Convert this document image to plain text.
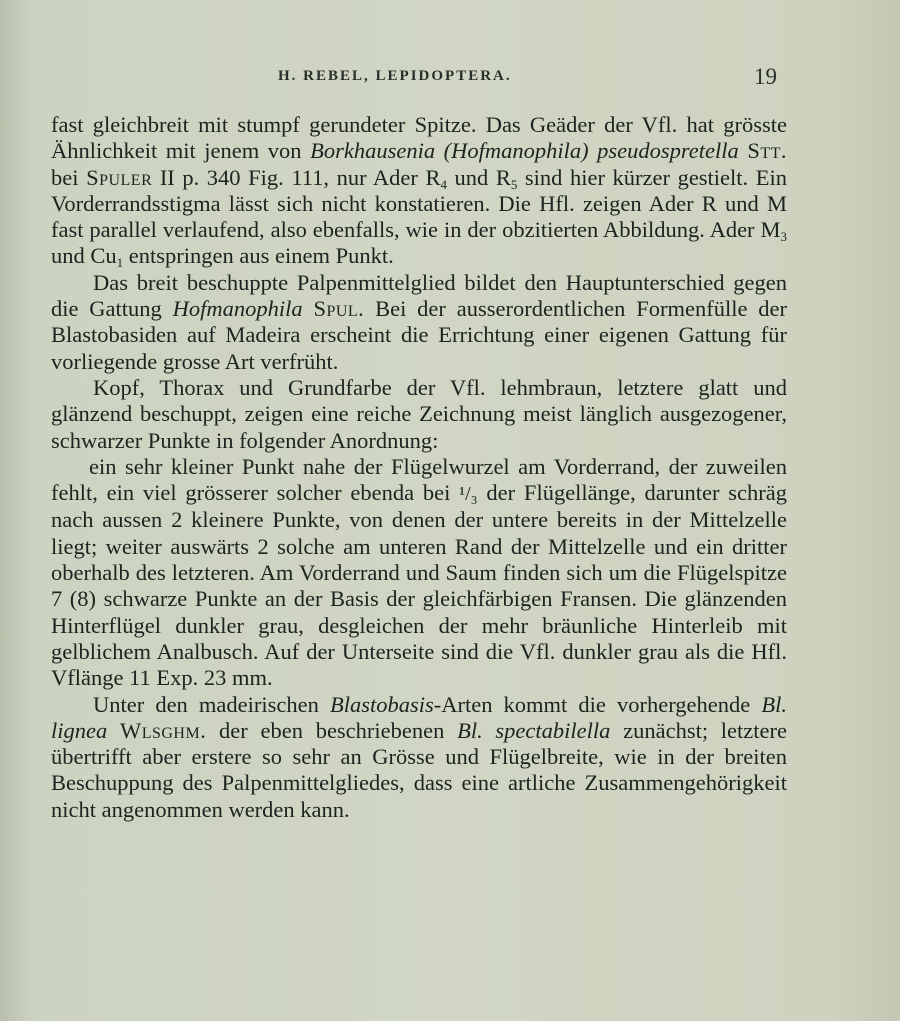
H. REBEL, LEPIDOPTERA.	19

fast gleichbreit mit stumpf gerundeter Spitze. Das Geäder der Vfl. hat grösste Ähnlichkeit mit jenem von Borkhausenia (Hofmanophila) pseudospretella Stt. bei Spuler II p. 340 Fig. 111, nur Ader $R_4$ und $R_5$ sind hier kürzer gestielt. Ein Vorderrandsstigma lässt sich nicht konstatieren. Die Hfl. zeigen Ader R und M fast parallel verlaufend, also ebenfalls, wie in der obzitierten Abbildung. Ader $M_3$ und $Cu_1$ entspringen aus einem Punkt.

Das breit beschuppte Palpenmittelglied bildet den Hauptunterschied gegen die Gattung Hofmanophila Spul. Bei der ausserordentlichen Formenfülle der Blastobasiden auf Madeira erscheint die Errichtung einer eigenen Gattung für vorliegende grosse Art verfrüht.

Kopf, Thorax und Grundfarbe der Vfl. lehmbraun, letztere glatt und glänzend beschuppt, zeigen eine reiche Zeichnung meist länglich ausgezogener, schwarzer Punkte in folgender Anordnung:

ein sehr kleiner Punkt nahe der Flügelwurzel am Vorderrand, der zuweilen fehlt, ein viel grösserer solcher ebenda bei ¹/₃ der Flügellänge, darunter schräg nach aussen 2 kleinere Punkte, von denen der untere bereits in der Mittelzelle liegt; weiter auswärts 2 solche am unteren Rand der Mittelzelle und ein dritter oberhalb des letzteren. Am Vorderrand und Saum finden sich um die Flügelspitze 7 (8) schwarze Punkte an der Basis der gleichfärbigen Fransen. Die glänzenden Hinterflügel dunkler grau, desgleichen der mehr bräunliche Hinterleib mit gelblichem Analbusch. Auf der Unterseite sind die Vfl. dunkler grau als die Hfl. Vflänge 11 Exp. 23 mm.

Unter den madeirischen Blastobasis-Arten kommt die vorhergehende Bl. lignea Wlsghm. der eben beschriebenen Bl. spectabilella zunächst; letztere übertrifft aber erstere so sehr an Grösse und Flügelbreite, wie in der breiten Beschuppung des Palpenmittelgliedes, dass eine artliche Zusammengehörigkeit nicht angenommen werden kann.
